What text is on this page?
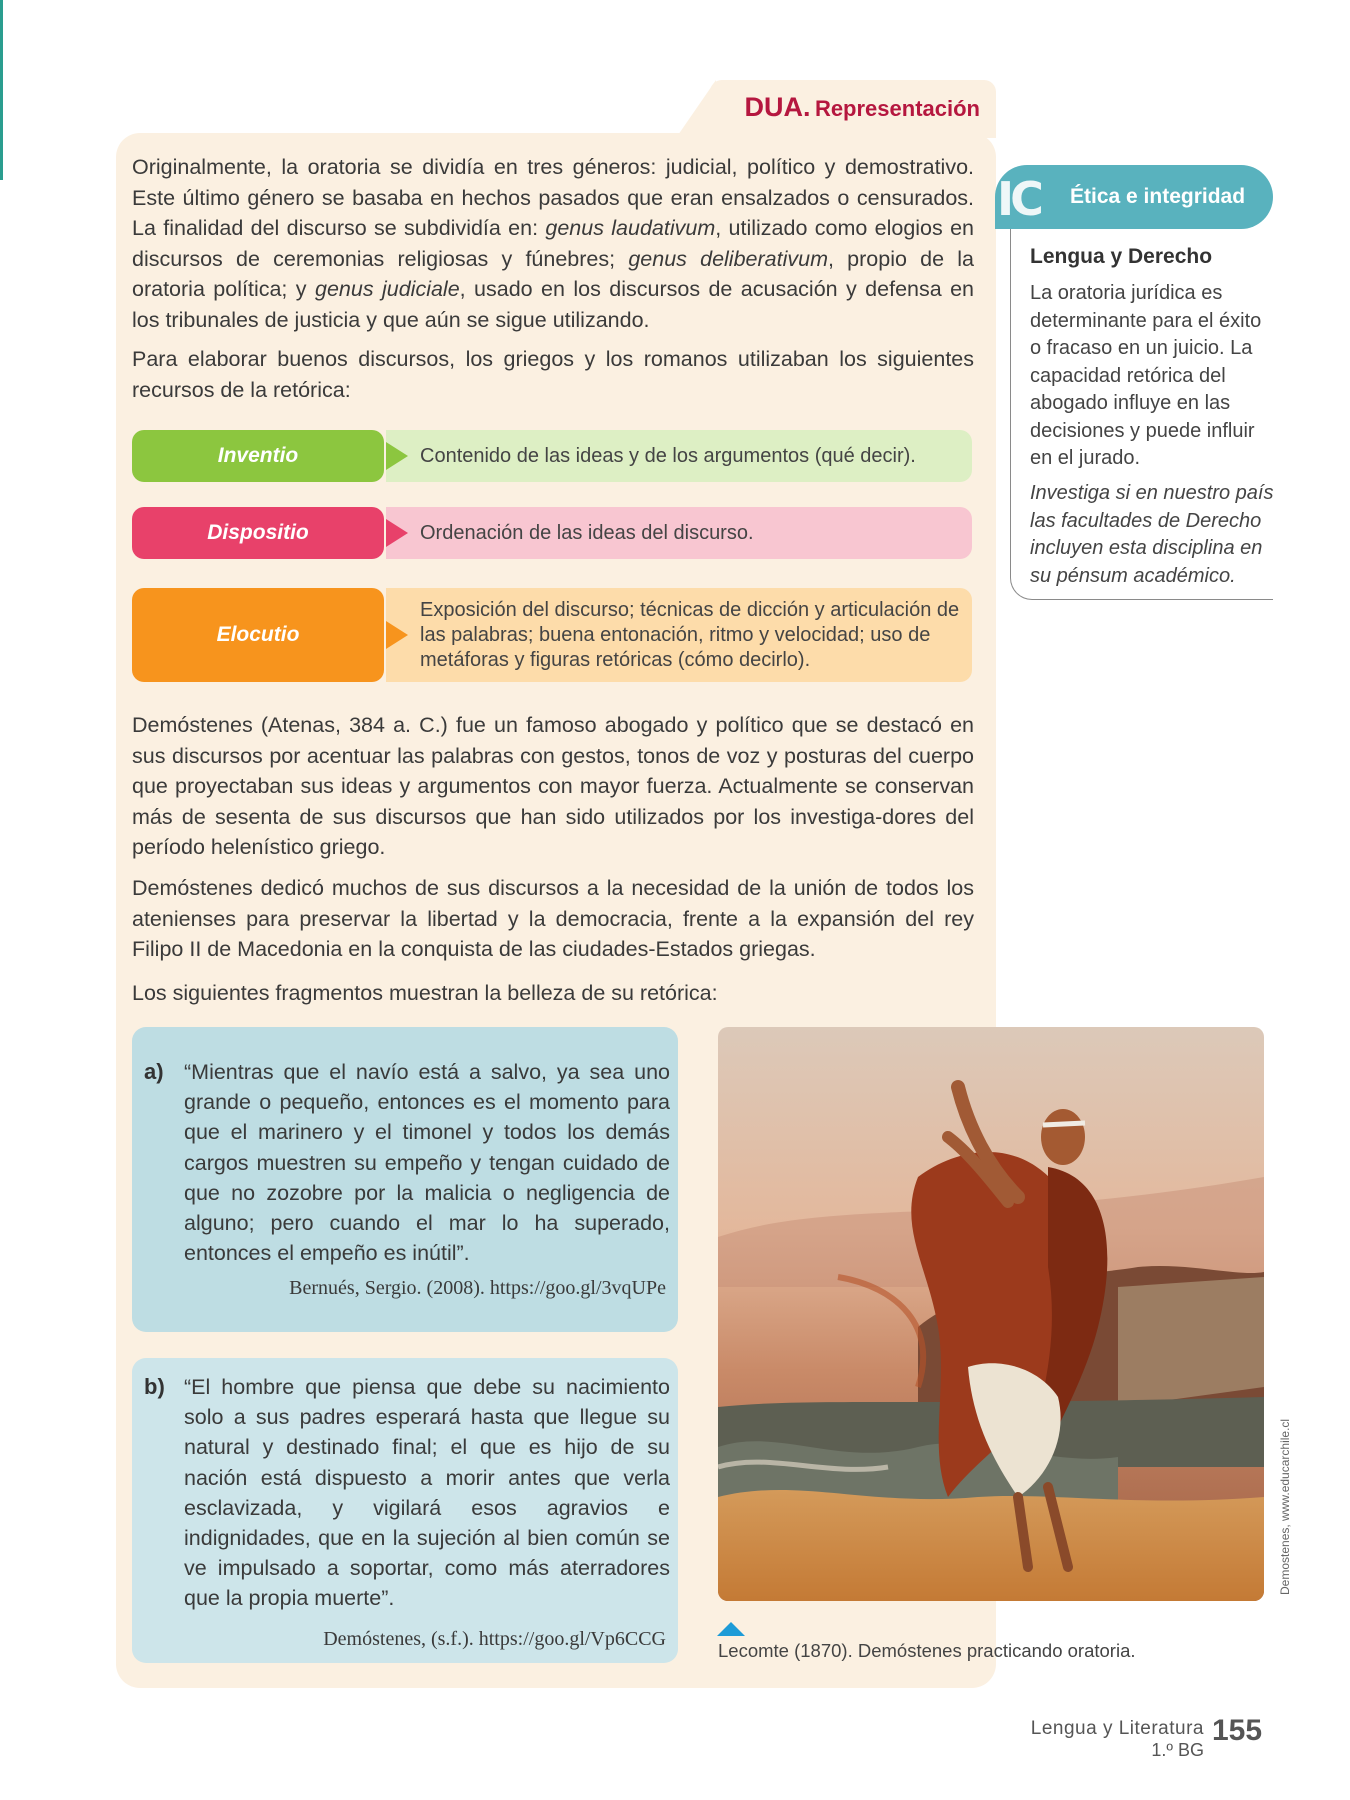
DUA. Representación

Originalmente, la oratoria se dividía en tres géneros: judicial, político y demostrativo. Este último género se basaba en hechos pasados que eran ensalzados o censurados. La finalidad del discurso se subdividía en: genus laudativum, utilizado como elogios en discursos de ceremonias religiosas y fúnebres; genus deliberativum, propio de la oratoria política; y genus judiciale, usado en los discursos de acusación y defensa en los tribunales de justicia y que aún se sigue utilizando.

Para elaborar buenos discursos, los griegos y los romanos utilizaban los siguientes recursos de la retórica:

Contenido de las ideas y de los argumentos (qué decir).
Inventio
Ordenación de las ideas del discurso.
Dispositio
Exposición del discurso; técnicas de dicción y articulación de las palabras; buena entonación, ritmo y velocidad; uso de metáforas y figuras retóricas (cómo decirlo).
Elocutio

Demóstenes (Atenas, 384 a. C.) fue un famoso abogado y político que se destacó en sus discursos por acentuar las palabras con gestos, tonos de voz y posturas del cuerpo que proyectaban sus ideas y argumentos con mayor fuerza. Actualmente se conservan más de sesenta de sus discursos que han sido utilizados por los investiga-dores del período helenístico griego.

Demóstenes dedicó muchos de sus discursos a la necesidad de la unión de todos los atenienses para preservar la libertad y la democracia, frente a la expansión del rey Filipo II de Macedonia en la conquista de las ciudades-Estados griegas.

Los siguientes fragmentos muestran la belleza de su retórica:

IC	Ética e integridad
Lengua y Derecho
La oratoria jurídica es determinante para el éxito o fracaso en un juicio. La capacidad retórica del abogado influye en las decisiones y puede influir en el jurado.
Investiga si en nuestro país las facultades de Derecho incluyen esta disciplina en su pénsum académico.
a) “Mientras que el navío está a salvo, ya sea uno grande o pequeño, entonces es el momento para que el marinero y el timonel y todos los demás cargos muestren su empeño y tengan cuidado de que no zozobre por la malicia o negligencia de alguno; pero cuando el mar lo ha superado, entonces el empeño es inútil”.
Bernués, Sergio. (2008). https://goo.gl/3vqUPe
b) “El hombre que piensa que debe su nacimiento solo a sus padres esperará hasta que llegue su natural y destinado final; el que es hijo de su nación está dispuesto a morir antes que verla esclavizada, y vigilará esos agravios e indignidades, que en la sujeción al bien común se ve impulsado a soportar, como más aterradores que la propia muerte”.
Demóstenes, (s.f.). https://goo.gl/Vp6CCG
Demostenes, www.educarchile.cl
Lecomte (1870). Demóstenes practicando oratoria.
Lengua y Literatura
1.º BG
155
